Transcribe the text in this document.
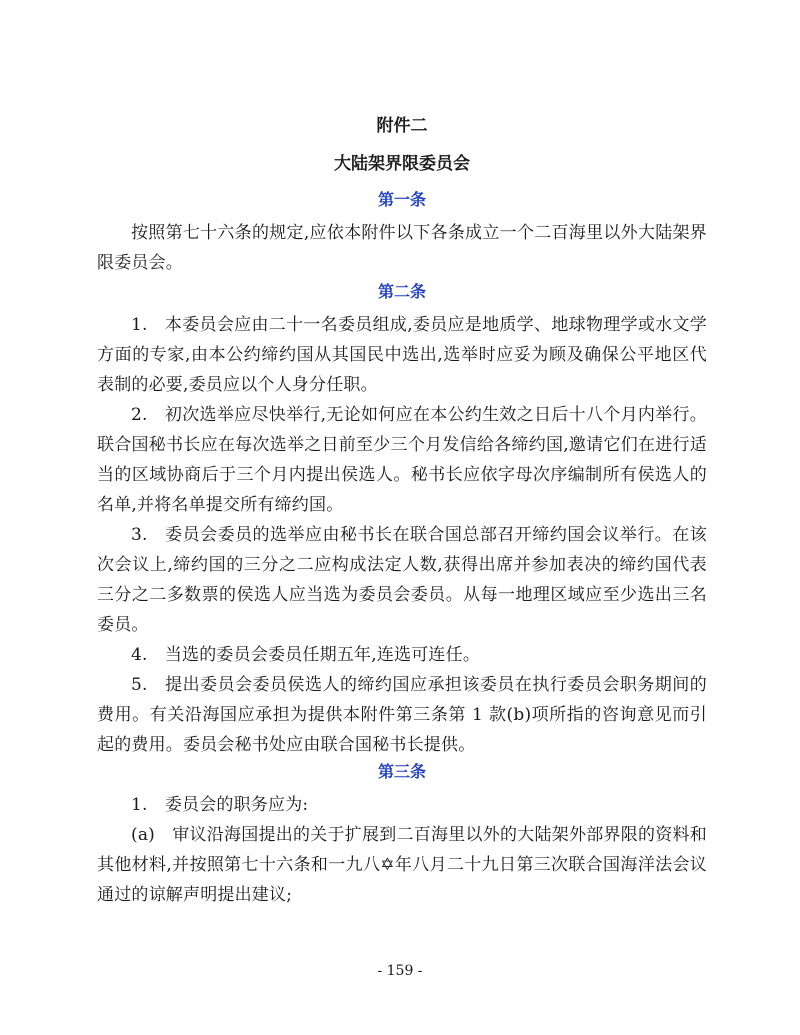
附件二
大陆架界限委员会
第一条

按照第七十六条的规定,应依本附件以下各条成立一个二百海里以外大陆架界限委员会。

第二条

1. 本委员会应由二十一名委员组成,委员应是地质学、地球物理学或水文学方面的专家,由本公约缔约国从其国民中选出,选举时应妥为顾及确保公平地区代表制的必要,委员应以个人身分任职。

2. 初次选举应尽快举行,无论如何应在本公约生效之日后十八个月内举行。联合国秘书长应在每次选举之日前至少三个月发信给各缔约国,邀请它们在进行适当的区域协商后于三个月内提出侯选人。秘书长应依字母次序编制所有侯选人的名单,并将名单提交所有缔约国。

3. 委员会委员的选举应由秘书长在联合国总部召开缔约国会议举行。在该次会议上,缔约国的三分之二应构成法定人数,获得出席并参加表决的缔约国代表三分之二多数票的侯选人应当选为委员会委员。从每一地理区域应至少选出三名委员。

4. 当选的委员会委员任期五年,连选可连任。

5. 提出委员会委员侯选人的缔约国应承担该委员在执行委员会职务期间的费用。有关沿海国应承担为提供本附件第三条第 1 款(b)项所指的咨询意见而引起的费用。委员会秘书处应由联合国秘书长提供。

第三条

1. 委员会的职务应为:

(a) 审议沿海国提出的关于扩展到二百海里以外的大陆架外部界限的资料和其他材料,并按照第七十六条和一九八✡年八月二十九日第三次联合国海洋法会议通过的谅解声明提出建议;

- 159 -
